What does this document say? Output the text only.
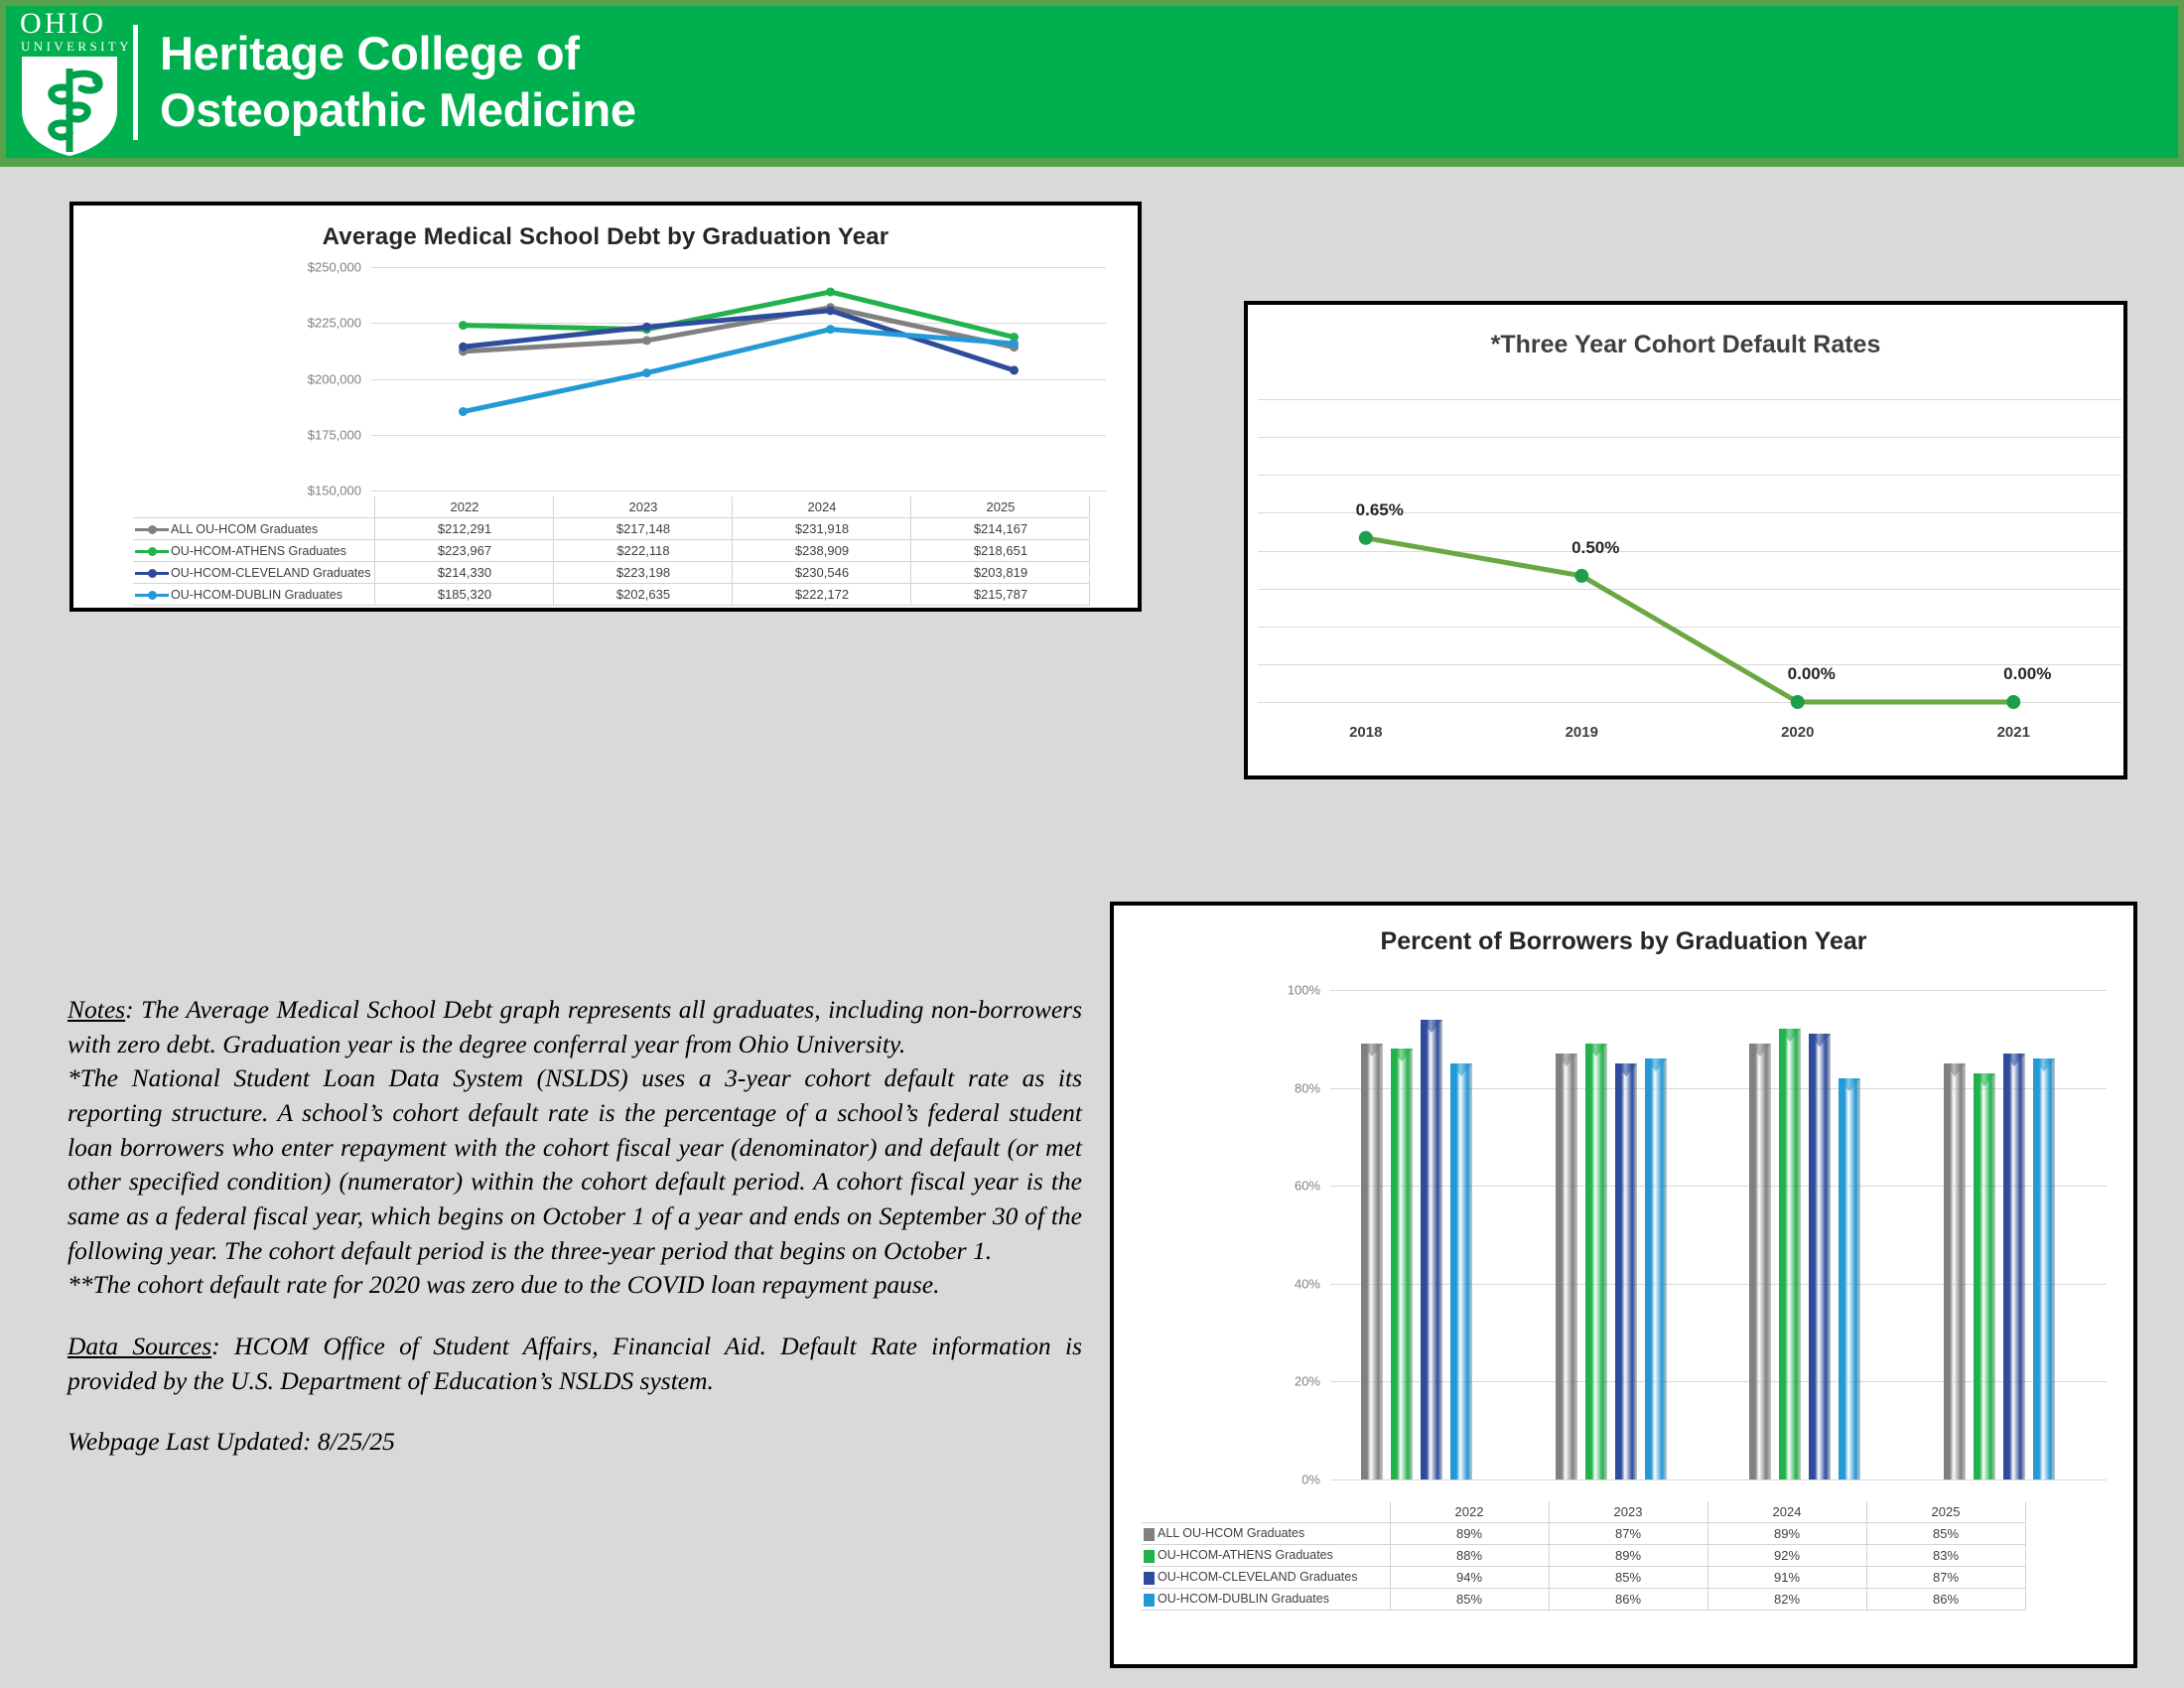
OHIO
UNIVERSITY Heritage College of
Osteopathic Medicine
Average Medical School Debt by Graduation Year
$150,000
$175,000
$200,000
$225,000
$250,000
	2022	2023	2024	2025

ALL OU-HCOM Graduates	$212,291	$217,148	$231,918	$214,167

OU-HCOM-ATHENS Graduates	$223,967	$222,118	$238,909	$218,651

OU-HCOM-CLEVELAND Graduates	$214,330	$223,198	$230,546	$203,819

OU-HCOM-DUBLIN Graduates	$185,320	$202,635	$222,172	$215,787
*Three Year Cohort Default Rates
0.65%
0.50%
0.00%	0.00%
2018	2019	2020	2021
Percent of Borrowers by Graduation Year
0%
20%
40%
60%
80%
100%
	2022	2023	2024	2025
ALL OU-HCOM Graduates	89%	87%	89%	85%
OU-HCOM-ATHENS Graduates	88%	89%	92%	83%
OU-HCOM-CLEVELAND Graduates	94%	85%	91%	87%
OU-HCOM-DUBLIN Graduates	85%	86%	82%	86%

Notes: The Average Medical School Debt graph represents all graduates, including non-borrowers with zero debt. Graduation year is the degree conferral year from Ohio University.

*The National Student Loan Data System (NSLDS) uses a 3-year cohort default rate as its reporting structure. A school’s cohort default rate is the percentage of a school’s federal student loan borrowers who enter repayment with the cohort fiscal year (denominator) and default (or met other specified condition) (numerator) within the cohort default period. A cohort fiscal year is the same as a federal fiscal year, which begins on October 1 of a year and ends on September 30 of the following year. The cohort default period is the three-year period that begins on October 1.

**The cohort default rate for 2020 was zero due to the COVID loan repayment pause.

Data Sources: HCOM Office of Student Affairs, Financial Aid. Default Rate information is provided by the U.S. Department of Education’s NSLDS system.

Webpage Last Updated: 8/25/25
